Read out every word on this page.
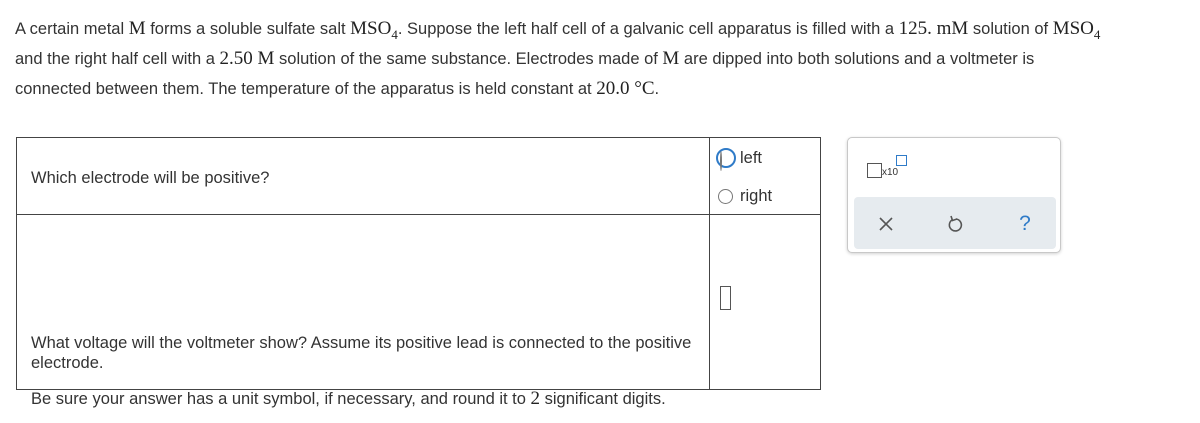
A certain metal M forms a soluble sulfate salt $MSO_4$. Suppose the left half cell of a galvanic cell apparatus is filled with a 125. mM solution of $MSO_4$
and the right half cell with a 2.50 M solution of the same substance. Electrodes made of M are dipped into both solutions and a voltmeter is
connected between them. The temperature of the apparatus is held constant at 20.0 °C.
Which electrode will be positive?
left
right
What voltage will the voltmeter show? Assume its positive lead is connected to the positive electrode.
Be sure your answer has a unit symbol, if necessary, and round it to 2 significant digits.
x10
?
